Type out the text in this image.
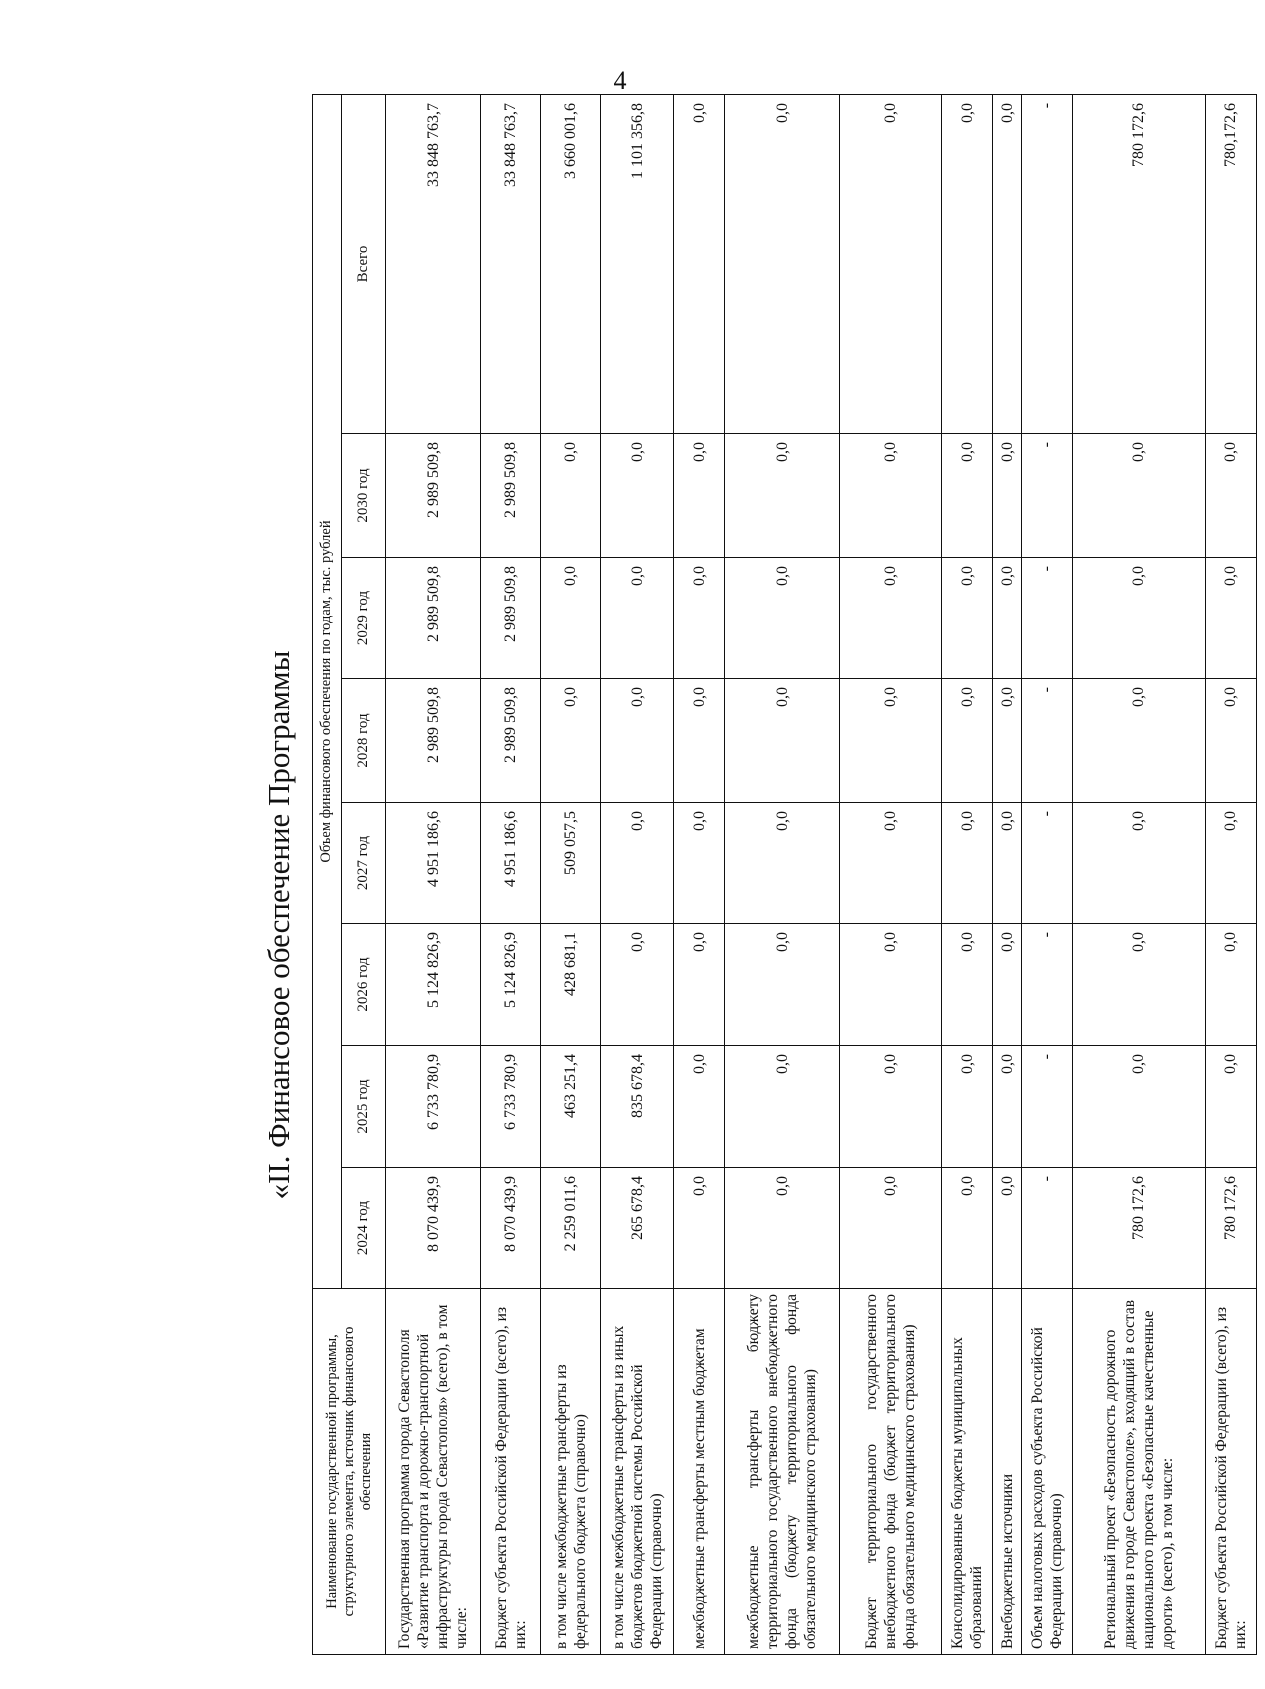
4
«II. Финансовое обеспечение Программы
Наименование государственной программы, структурного элемента, источник финансового обеспечения	Объем финансового обеспечения по годам, тыс. рублей							
	2024 год	2025 год	2026 год	2027 год	2028 год	2029 год	2030 год	Всего
Государственная программа города Севастополя «Развитие транспорта и дорожно-транспортной инфраструктуры города Севастополя» (всего), в том числе:	8 070 439,9	6 733 780,9	5 124 826,9	4 951 186,6	2 989 509,8	2 989 509,8	2 989 509,8	33 848 763,7
Бюджет субъекта Российской Федерации (всего), из них:	8 070 439,9	6 733 780,9	5 124 826,9	4 951 186,6	2 989 509,8	2 989 509,8	2 989 509,8	33 848 763,7
в том числе межбюджетные трансферты из федерального бюджета (справочно)	2 259 011,6	463 251,4	428 681,1	509 057,5	0,0	0,0	0,0	3 660 001,6
в том числе межбюджетные трансферты из иных бюджетов бюджетной системы Российской Федерации (справочно)	265 678,4	835 678,4	0,0	0,0	0,0	0,0	0,0	1 101 356,8
межбюджетные трансферты местным бюджетам	0,0	0,0	0,0	0,0	0,0	0,0	0,0	0,0
межбюджетные трансферты бюджету территориального государственного внебюджетного фонда (бюджету территориального фонда обязательного медицинского страхования)	0,0	0,0	0,0	0,0	0,0	0,0	0,0	0,0
Бюджет территориального государственного внебюджетного фонда (бюджет территориального фонда обязательного медицинского страхования)	0,0	0,0	0,0	0,0	0,0	0,0	0,0	0,0
Консолидированные бюджеты муниципальных образований	0,0	0,0	0,0	0,0	0,0	0,0	0,0	0,0
Внебюджетные источники	0,0	0,0	0,0	0,0	0,0	0,0	0,0	0,0
Объем налоговых расходов субъекта Российской Федерации (справочно)	-	-	-	-	-	-	-	-
Региональный проект «Безопасность дорожного движения в городе Севастополе», входящий в состав национального проекта «Безопасные качественные дороги» (всего), в том числе:	780 172,6	0,0	0,0	0,0	0,0	0,0	0,0	780 172,6
Бюджет субъекта Российской Федерации (всего), из них:	780 172,6	0,0	0,0	0,0	0,0	0,0	0,0	780,172,6
